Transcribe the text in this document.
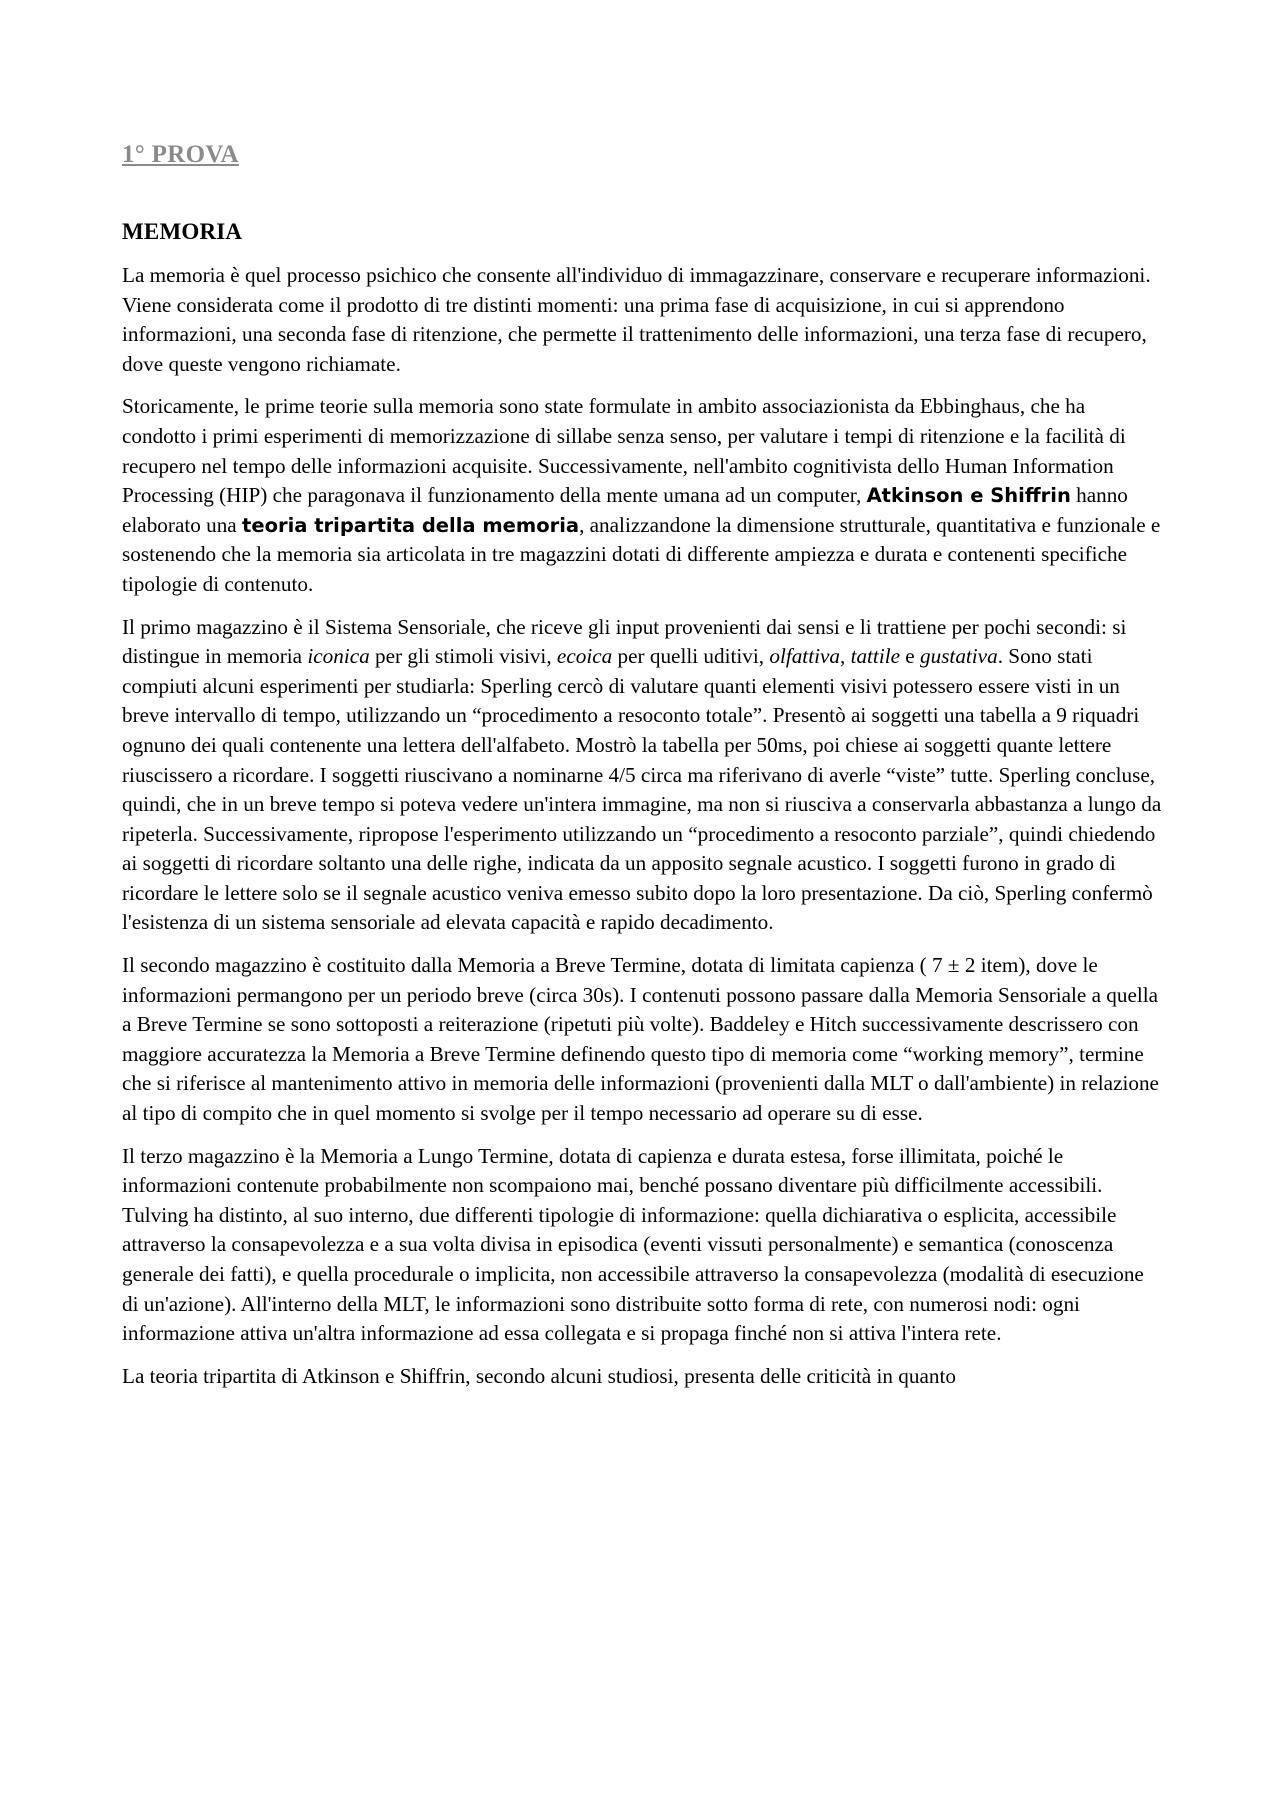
1° PROVA
MEMORIA

La memoria è quel processo psichico che consente all'individuo di immagazzinare, conservare e recuperare informazioni. Viene considerata come il prodotto di tre distinti momenti: una prima fase di acquisizione, in cui si apprendono informazioni, una seconda fase di ritenzione, che permette il trattenimento delle informazioni, una terza fase di recupero, dove queste vengono richiamate.

Storicamente, le prime teorie sulla memoria sono state formulate in ambito associazionista da Ebbinghaus, che ha condotto i primi esperimenti di memorizzazione di sillabe senza senso, per valutare i tempi di ritenzione e la facilità di recupero nel tempo delle informazioni acquisite. Successivamente, nell'ambito cognitivista dello Human Information Processing (HIP) che paragonava il funzionamento della mente umana ad un computer, Atkinson e Shiffrin hanno elaborato una teoria tripartita della memoria, analizzandone la dimensione strutturale, quantitativa e funzionale e sostenendo che la memoria sia articolata in tre magazzini dotati di differente ampiezza e durata e contenenti specifiche tipologie di contenuto.

Il primo magazzino è il Sistema Sensoriale, che riceve gli input provenienti dai sensi e li trattiene per pochi secondi: si distingue in memoria iconica per gli stimoli visivi, ecoica per quelli uditivi, olfattiva, tattile e gustativa. Sono stati compiuti alcuni esperimenti per studiarla: Sperling cercò di valutare quanti elementi visivi potessero essere visti in un breve intervallo di tempo, utilizzando un “procedimento a resoconto totale”. Presentò ai soggetti una tabella a 9 riquadri ognuno dei quali contenente una lettera dell'alfabeto. Mostrò la tabella per 50ms, poi chiese ai soggetti quante lettere riuscissero a ricordare. I soggetti riuscivano a nominarne 4/5 circa ma riferivano di averle “viste” tutte. Sperling concluse, quindi, che in un breve tempo si poteva vedere un'intera immagine, ma non si riusciva a conservarla abbastanza a lungo da ripeterla. Successivamente, ripropose l'esperimento utilizzando un “procedimento a resoconto parziale”, quindi chiedendo ai soggetti di ricordare soltanto una delle righe, indicata da un apposito segnale acustico. I soggetti furono in grado di ricordare le lettere solo se il segnale acustico veniva emesso subito dopo la loro presentazione. Da ciò, Sperling confermò l'esistenza di un sistema sensoriale ad elevata capacità e rapido decadimento.

Il secondo magazzino è costituito dalla Memoria a Breve Termine, dotata di limitata capienza ( 7 ± 2 item), dove le informazioni permangono per un periodo breve (circa 30s). I contenuti possono passare dalla Memoria Sensoriale a quella a Breve Termine se sono sottoposti a reiterazione (ripetuti più volte). Baddeley e Hitch successivamente descrissero con maggiore accuratezza la Memoria a Breve Termine definendo questo tipo di memoria come “working memory”, termine che si riferisce al mantenimento attivo in memoria delle informazioni (provenienti dalla MLT o dall'ambiente) in relazione al tipo di compito che in quel momento si svolge per il tempo necessario ad operare su di esse.

Il terzo magazzino è la Memoria a Lungo Termine, dotata di capienza e durata estesa, forse illimitata, poiché le informazioni contenute probabilmente non scompaiono mai, benché possano diventare più difficilmente accessibili. Tulving ha distinto, al suo interno, due differenti tipologie di informazione: quella dichiarativa o esplicita, accessibile attraverso la consapevolezza e a sua volta divisa in episodica (eventi vissuti personalmente) e semantica (conoscenza generale dei fatti), e quella procedurale o implicita, non accessibile attraverso la consapevolezza (modalità di esecuzione di un'azione). All'interno della MLT, le informazioni sono distribuite sotto forma di rete, con numerosi nodi: ogni informazione attiva un'altra informazione ad essa collegata e si propaga finché non si attiva l'intera rete.

La teoria tripartita di Atkinson e Shiffrin, secondo alcuni studiosi, presenta delle criticità in quanto
